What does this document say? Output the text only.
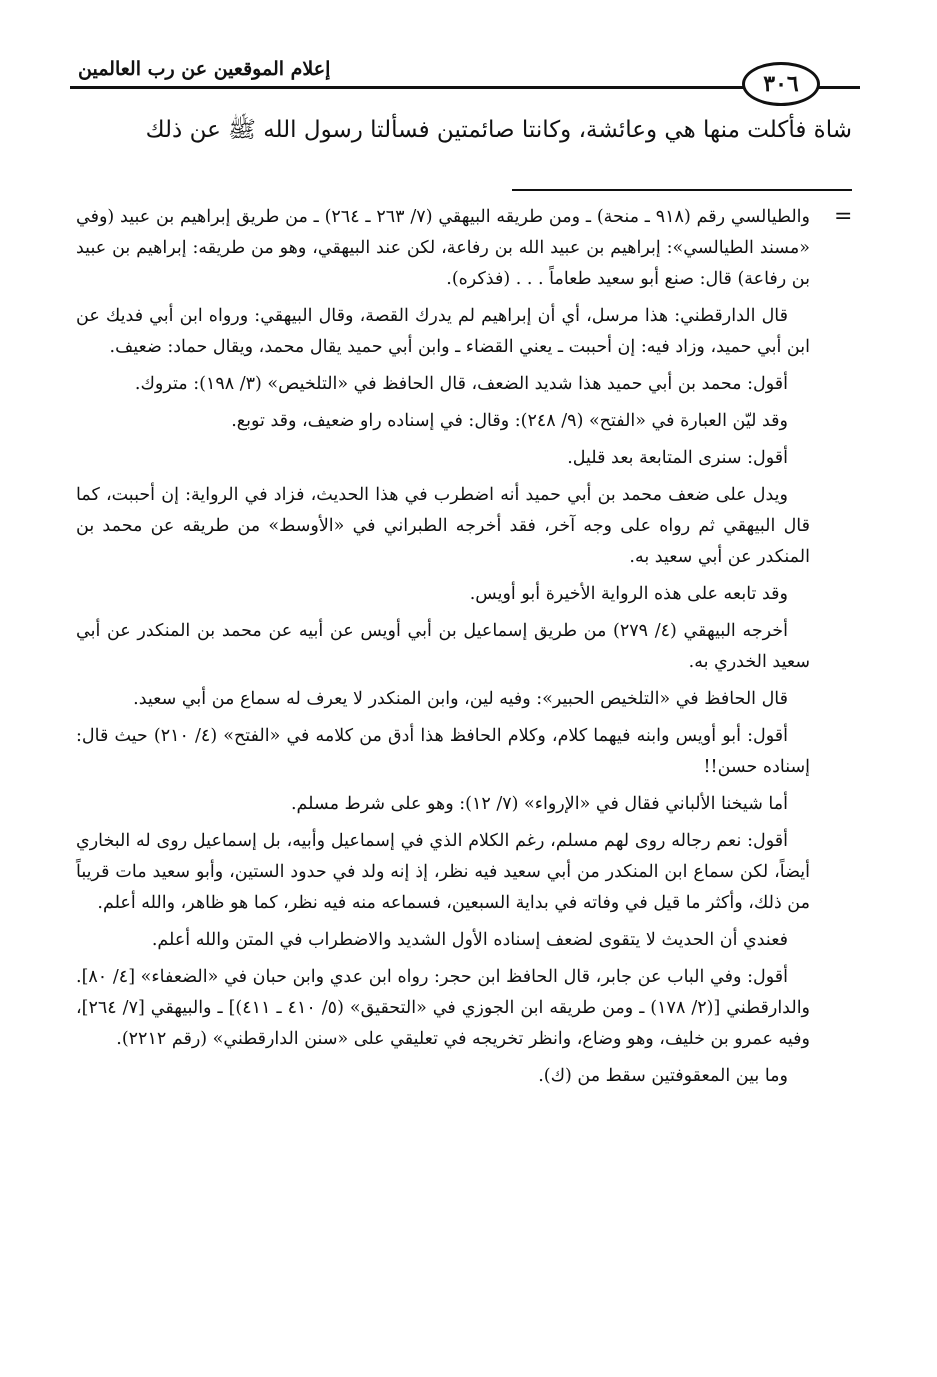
إعلام الموقعين عن رب العالمين
٣٠٦
شاة فأكلت منها هي وعائشة، وكانتا صائمتين فسألتا رسول الله ﷺ عن ذلك
=

والطيالسي رقم (٩١٨ ـ منحة) ـ ومن طريقه البيهقي (٧/ ٢٦٣ ـ ٢٦٤) ـ من طريق إبراهيم بن عبيد (وفي «مسند الطيالسي»: إبراهيم بن عبيد الله بن رفاعة، لكن عند البيهقي، وهو من طريقه: إبراهيم بن عبيد بن رفاعة) قال: صنع أبو سعيد طعاماً . . . (فذكره).

قال الدارقطني: هذا مرسل، أي أن إبراهيم لم يدرك القصة، وقال البيهقي: ورواه ابن أبي فديك عن ابن أبي حميد، وزاد فيه: إن أحببت ـ يعني القضاء ـ وابن أبي حميد يقال محمد، ويقال حماد: ضعيف.

أقول: محمد بن أبي حميد هذا شديد الضعف، قال الحافظ في «التلخيص» (٣/ ١٩٨): متروك.

وقد ليّن العبارة في «الفتح» (٩/ ٢٤٨): وقال: في إسناده راو ضعيف، وقد توبع.

أقول: سنرى المتابعة بعد قليل.

ويدل على ضعف محمد بن أبي حميد أنه اضطرب في هذا الحديث، فزاد في الرواية: إن أحببت، كما قال البيهقي ثم رواه على وجه آخر، فقد أخرجه الطبراني في «الأوسط» من طريقه عن محمد بن المنكدر عن أبي سعيد به.

وقد تابعه على هذه الرواية الأخيرة أبو أويس.

أخرجه البيهقي (٤/ ٢٧٩) من طريق إسماعيل بن أبي أويس عن أبيه عن محمد بن المنكدر عن أبي سعيد الخدري به.

قال الحافظ في «التلخيص الحبير»: وفيه لين، وابن المنكدر لا يعرف له سماع من أبي سعيد.

أقول: أبو أويس وابنه فيهما كلام، وكلام الحافظ هذا أدق من كلامه في «الفتح» (٤/ ٢١٠) حيث قال: إسناده حسن!!

أما شيخنا الألباني فقال في «الإرواء» (٧/ ١٢): وهو على شرط مسلم.

أقول: نعم رجاله روى لهم مسلم، رغم الكلام الذي في إسماعيل وأبيه، بل إسماعيل روى له البخاري أيضاً، لكن سماع ابن المنكدر من أبي سعيد فيه نظر، إذ إنه ولد في حدود الستين، وأبو سعيد مات قريباً من ذلك، وأكثر ما قيل في وفاته في بداية السبعين، فسماعه منه فيه نظر، كما هو ظاهر، والله أعلم.

فعندي أن الحديث لا يتقوى لضعف إسناده الأول الشديد والاضطراب في المتن والله أعلم.

أقول: وفي الباب عن جابر، قال الحافظ ابن حجر: رواه ابن عدي وابن حبان في «الضعفاء» [٤/ ٨٠]. والدارقطني [(٢/ ١٧٨) ـ ومن طريقه ابن الجوزي في «التحقيق» (٥/ ٤١٠ ـ ٤١١)] ـ والبيهقي [٧/ ٢٦٤]، وفيه عمرو بن خليف، وهو وضاع، وانظر تخريجه في تعليقي على «سنن الدارقطني» (رقم ٢٢١٢).

وما بين المعقوفتين سقط من (ك).
